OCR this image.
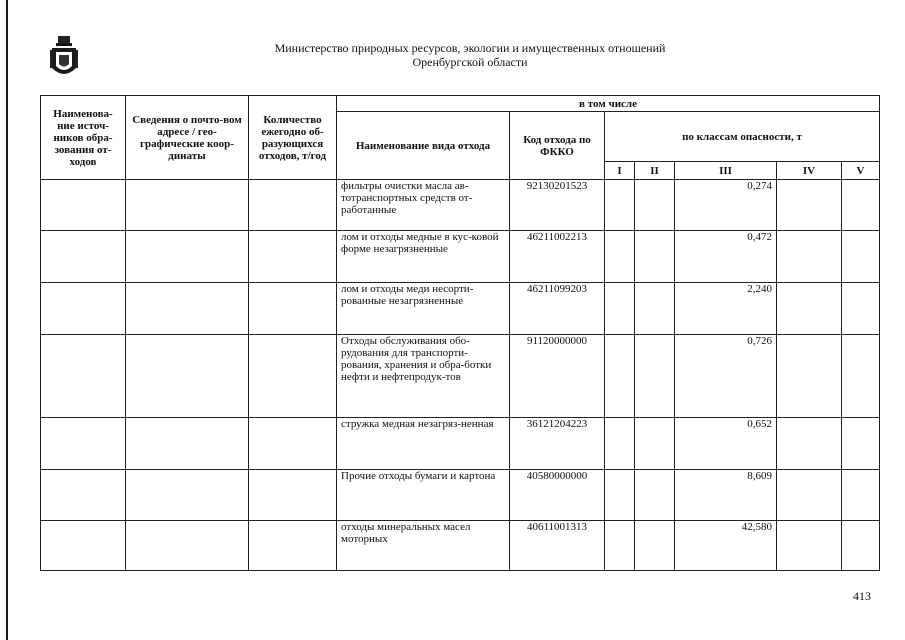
Министерство природных ресурсов, экологии и имущественных отношений
Оренбургской области
Наименова-ние источ-ников обра-зования от-ходов	Сведения о почто-вом адресе / гео-графические коор-динаты	Количество ежегодно об-разующихся отходов, т/год	в том числе						
			Наименование вида отхода	Код отхода по ФККО	по классам опасности, т				
					I	II	III	IV	V
			фильтры очистки масла ав-тотранспортных средств от-работанные	92130201523			0,274		
			лом и отходы медные в кус-ковой форме незагрязненные	46211002213			0,472		
			лом и отходы меди несорти-рованные незагрязненные	46211099203			2,240		
			Отходы обслуживания обо-рудования для транспорти-рования, хранения и обра-ботки нефти и нефтепродук-тов	91120000000			0,726		
			стружка медная незагряз-ненная	36121204223			0,652		
			Прочие отходы бумаги и картона	40580000000			8,609		
			отходы минеральных масел моторных	40611001313			42,580		
413
